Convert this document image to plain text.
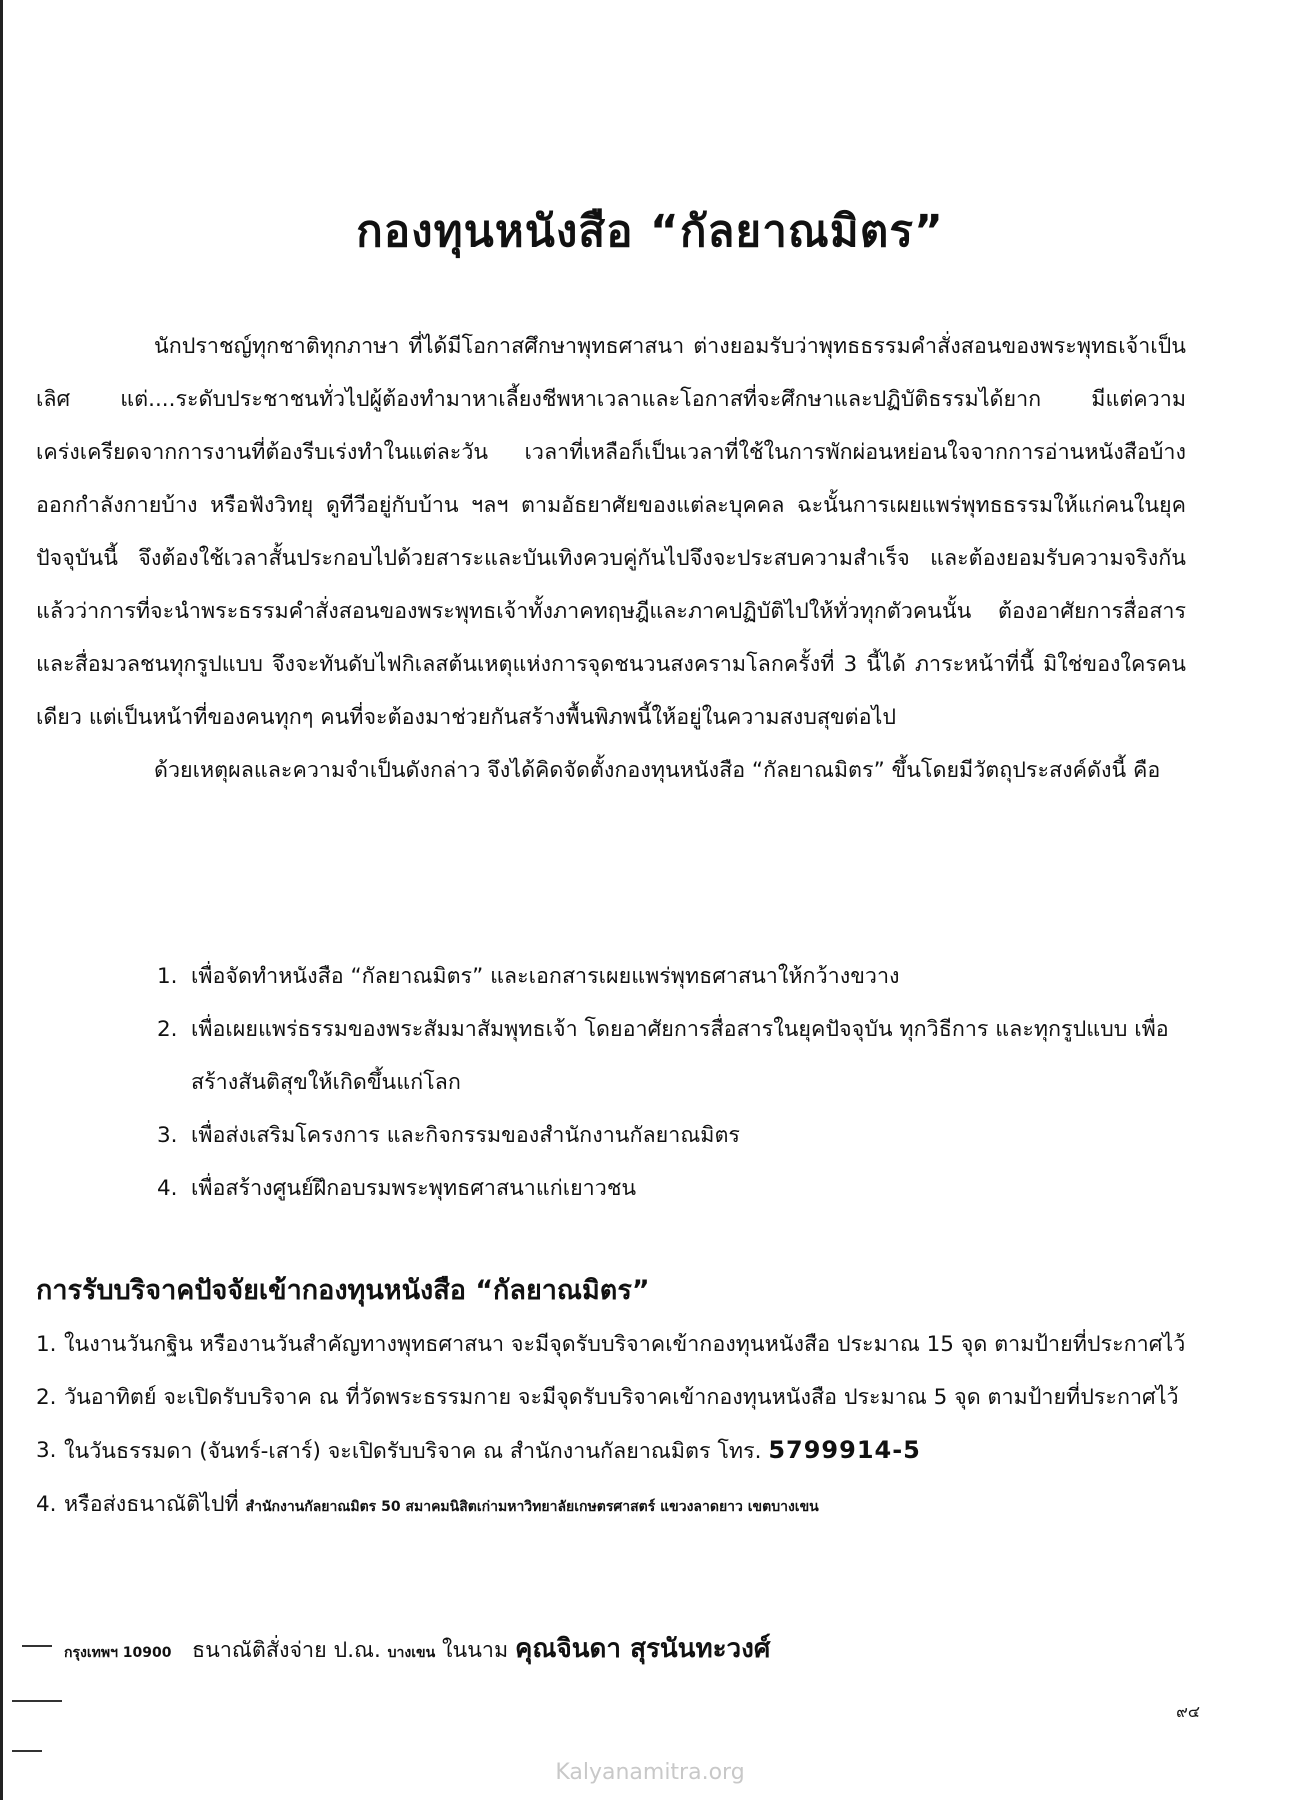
กองทุนหนังสือ “กัลยาณมิตร”

นักปราชญ์ทุกชาติทุกภาษา ที่ได้มีโอกาสศึกษาพุทธศาสนา ต่างยอมรับว่าพุทธธรรมคำสั่งสอนของพระพุทธเจ้าเป็นเลิศ แต่....ระดับประชาชนทั่วไปผู้ต้องทำมาหาเลี้ยงชีพหาเวลาและโอกาสที่จะศึกษาและปฏิบัติธรรมได้ยาก มีแต่ความเคร่งเครียดจากการงานที่ต้องรีบเร่งทำในแต่ละวัน เวลาที่เหลือก็เป็นเวลาที่ใช้ในการพักผ่อนหย่อนใจจากการอ่านหนังสือบ้าง ออกกำลังกายบ้าง หรือฟังวิทยุ ดูทีวีอยู่กับบ้าน ฯลฯ ตามอัธยาศัยของแต่ละบุคคล ฉะนั้นการเผยแพร่พุทธธรรมให้แก่คนในยุคปัจจุบันนี้ จึงต้องใช้เวลาสั้นประกอบไปด้วยสาระและบันเทิงควบคู่กันไปจึงจะประสบความสำเร็จ และต้องยอมรับความจริงกันแล้วว่าการที่จะนำพระธรรมคำสั่งสอนของพระพุทธเจ้าทั้งภาคทฤษฎีและภาคปฏิบัติไปให้ทั่วทุกตัวคนนั้น ต้องอาศัยการสื่อสารและสื่อมวลชนทุกรูปแบบ จึงจะทันดับไฟกิเลสต้นเหตุแห่งการจุดชนวนสงครามโลกครั้งที่ 3 นี้ได้ ภาระหน้าที่นี้ มิใช่ของใครคนเดียว แต่เป็นหน้าที่ของคนทุกๆ คนที่จะต้องมาช่วยกันสร้างพื้นพิภพนี้ให้อยู่ในความสงบสุขต่อไป

ด้วยเหตุผลและความจำเป็นดังกล่าว จึงได้คิดจัดตั้งกองทุนหนังสือ “กัลยาณมิตร” ขึ้นโดยมีวัตถุประสงค์ดังนี้ คือ

1. เพื่อจัดทำหนังสือ “กัลยาณมิตร” และเอกสารเผยแพร่พุทธศาสนาให้กว้างขวาง
2. เพื่อเผยแพร่ธรรมของพระสัมมาสัมพุทธเจ้า โดยอาศัยการสื่อสารในยุคปัจจุบัน ทุกวิธีการ และทุกรูปแบบ เพื่อสร้างสันติสุขให้เกิดขึ้นแก่โลก
3. เพื่อส่งเสริมโครงการ และกิจกรรมของสำนักงานกัลยาณมิตร
4. เพื่อสร้างศูนย์ฝึกอบรมพระพุทธศาสนาแก่เยาวชน
การรับบริจาคปัจจัยเข้ากองทุนหนังสือ “กัลยาณมิตร”
1. ในงานวันกฐิน หรืองานวันสำคัญทางพุทธศาสนา จะมีจุดรับบริจาคเข้ากองทุนหนังสือ ประมาณ 15 จุด ตามป้ายที่ประกาศไว้
2. วันอาทิตย์ จะเปิดรับบริจาค ณ ที่วัดพระธรรมกาย จะมีจุดรับบริจาคเข้ากองทุนหนังสือ ประมาณ 5 จุด ตามป้ายที่ประกาศไว้
3. ในวันธรรมดา (จันทร์-เสาร์) จะเปิดรับบริจาค ณ สำนักงานกัลยาณมิตร โทร. 5799914-5
4. หรือส่งธนาณัติไปที่ สำนักงานกัลยาณมิตร 50 สมาคมนิสิตเก่ามหาวิทยาลัยเกษตรศาสตร์ แขวงลาดยาว เขตบางเขน
กรุงเทพฯ 10900 ธนาณัติสั่งจ่าย ป.ณ. บางเขน ในนาม คุณจินดา สุรนันทะวงศ์
๙๔
Kalyanamitra.org
